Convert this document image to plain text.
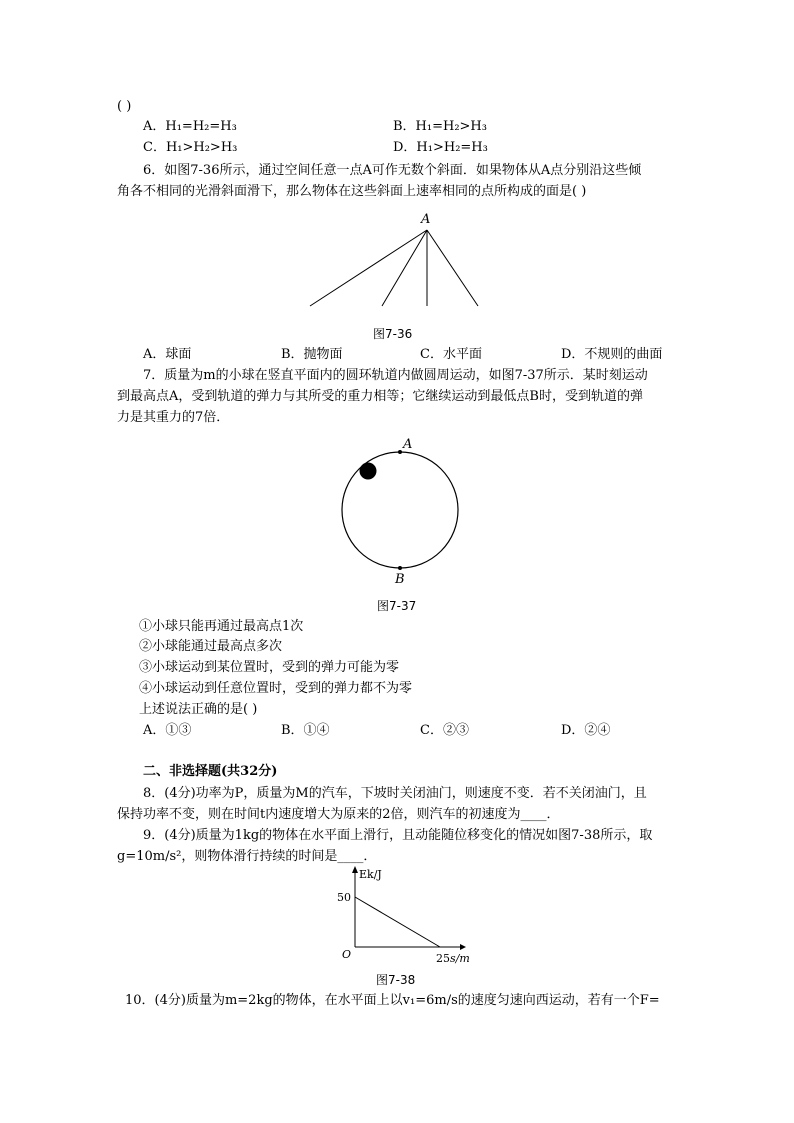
( )
A．H₁=H₂=H₃	B．H₁=H₂>H₃
C．H₁>H₂>H₃	D．H₁>H₂=H₃
6．如图7-36所示，通过空间任意一点A可作无数个斜面．如果物体从A点分别沿这些倾
角各不相同的光滑斜面滑下，那么物体在这些斜面上速率相同的点所构成的面是( )
A
图7-36
A．球面	B．抛物面	C．水平面	D．不规则的曲面
7．质量为m的小球在竖直平面内的圆环轨道内做圆周运动，如图7-37所示．某时刻运动
到最高点A，受到轨道的弹力与其所受的重力相等；它继续运动到最低点B时，受到轨道的弹
力是其重力的7倍．
A
B
图7-37
①小球只能再通过最高点1次
②小球能通过最高点多次
③小球运动到某位置时，受到的弹力可能为零
④小球运动到任意位置时，受到的弹力都不为零
上述说法正确的是( )
A．①③	B．①④	C．②③	D．②④
二、非选择题(共32分)
8．(4分)功率为P，质量为M的汽车，下坡时关闭油门，则速度不变．若不关闭油门，且
保持功率不变，则在时间t内速度增大为原来的2倍，则汽车的初速度为____．
9．(4分)质量为1kg的物体在水平面上滑行，且动能随位移变化的情况如图7-38所示，取
g=10m/s²，则物体滑行持续的时间是____．
Ek/J
s/m
O
50
25
图7-38
10．(4分)质量为m=2kg的物体，在水平面上以v₁=6m/s的速度匀速向西运动，若有一个F=
